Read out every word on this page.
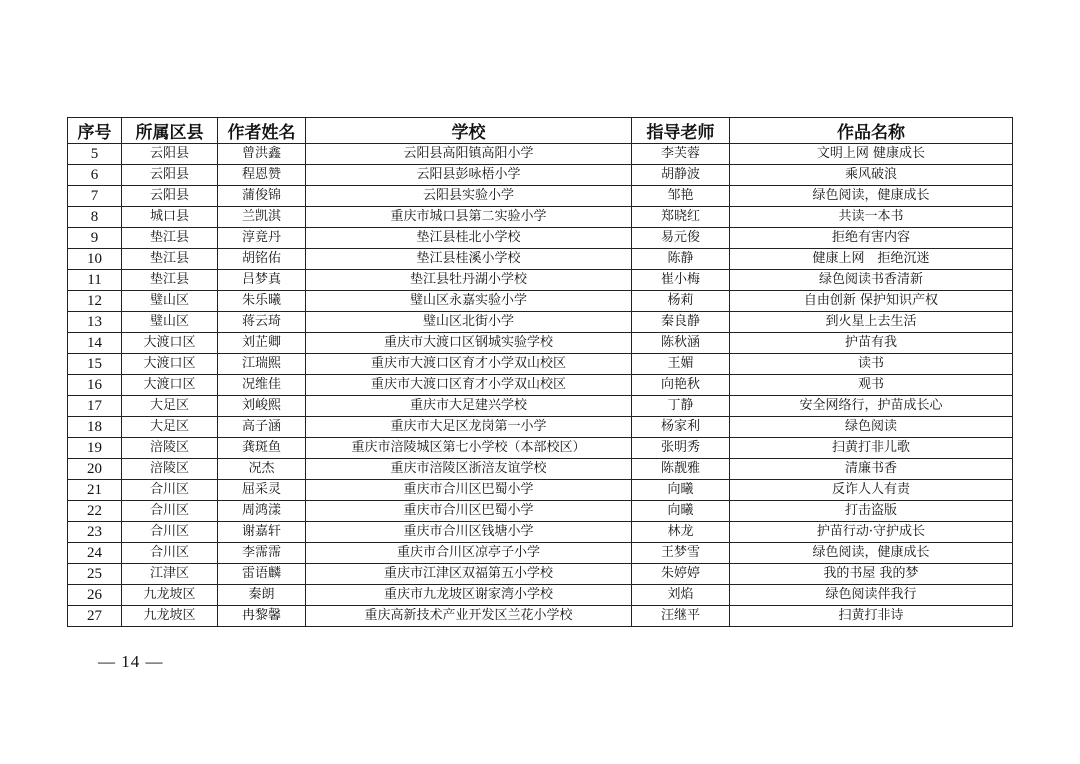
序号	所属区县	作者姓名	学校	指导老师	作品名称
5	云阳县	曾洪鑫	云阳县高阳镇高阳小学	李芙蓉	文明上网 健康成长
6	云阳县	程恩赞	云阳县彭咏梧小学	胡静波	乘风破浪
7	云阳县	蒲俊锦	云阳县实验小学	邹艳	绿色阅读，健康成长
8	城口县	兰凯淇	重庆市城口县第二实验小学	郑晓红	共读一本书
9	垫江县	淳竟丹	垫江县桂北小学校	易元俊	拒绝有害内容
10	垫江县	胡铭佑	垫江县桂溪小学校	陈静	健康上网　拒绝沉迷
11	垫江县	吕梦真	垫江县牡丹湖小学校	崔小梅	绿色阅读书香清新
12	璧山区	朱乐曦	璧山区永嘉实验小学	杨莉	自由创新 保护知识产权
13	璧山区	蒋云琦	璧山区北街小学	秦良静	到火星上去生活
14	大渡口区	刘芷卿	重庆市大渡口区钢城实验学校	陈秋涵	护苗有我
15	大渡口区	江瑞熙	重庆市大渡口区育才小学双山校区	王媚	读书
16	大渡口区	况维佳	重庆市大渡口区育才小学双山校区	向艳秋	观书
17	大足区	刘峻熙	重庆市大足建兴学校	丁静	安全网络行，护苗成长心
18	大足区	高子涵	重庆市大足区龙岗第一小学	杨家利	绿色阅读
19	涪陵区	龚斑鱼	重庆市涪陵城区第七小学校（本部校区）	张明秀	扫黄打非儿歌
20	涪陵区	况杰	重庆市涪陵区浙涪友谊学校	陈靓雅	清廉书香
21	合川区	屈采灵	重庆市合川区巴蜀小学	向曦	反诈人人有责
22	合川区	周鸿漾	重庆市合川区巴蜀小学	向曦	打击盗版
23	合川区	谢嘉轩	重庆市合川区钱塘小学	林龙	护苗行动·守护成长
24	合川区	李霈霈	重庆市合川区凉亭子小学	王梦雪	绿色阅读，健康成长
25	江津区	雷语麟	重庆市江津区双福第五小学校	朱婷婷	我的书屋 我的梦
26	九龙坡区	秦朗	重庆市九龙坡区谢家湾小学校	刘焰	绿色阅读伴我行
27	九龙坡区	冉黎馨	重庆高新技术产业开发区兰花小学校	汪继平	扫黄打非诗
— 14 —
